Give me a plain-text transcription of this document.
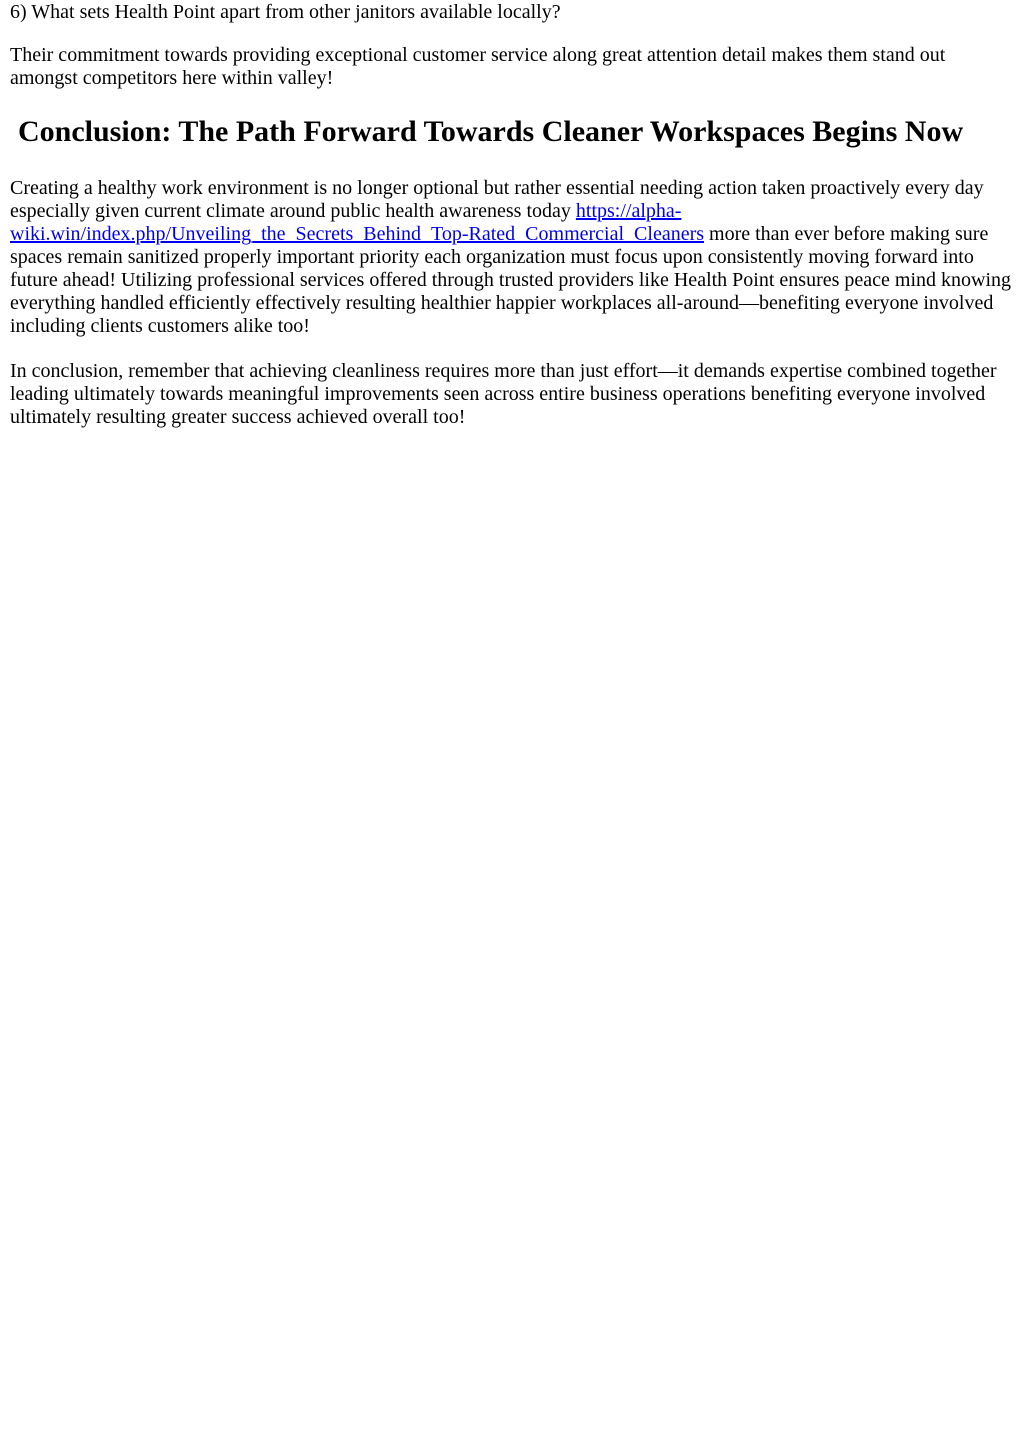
6) What sets Health Point apart from other janitors available locally?

Their commitment towards providing exceptional customer service along great attention detail makes them stand out amongst competitors here within valley!

Conclusion: The Path Forward Towards Cleaner Workspaces Begins Now

Creating a healthy work environment is no longer optional but rather essential needing action taken proactively every day especially given current climate around public health awareness today https://alpha-wiki.win/index.php/Unveiling_the_Secrets_Behind_Top-Rated_Commercial_Cleaners more than ever before making sure spaces remain sanitized properly important priority each organization must focus upon consistently moving forward into future ahead! Utilizing professional services offered through trusted providers like Health Point ensures peace mind knowing everything handled efficiently effectively resulting healthier happier workplaces all-around—benefiting everyone involved including clients customers alike too!

In conclusion, remember that achieving cleanliness requires more than just effort—it demands expertise combined together leading ultimately towards meaningful improvements seen across entire business operations benefiting everyone involved ultimately resulting greater success achieved overall too!
